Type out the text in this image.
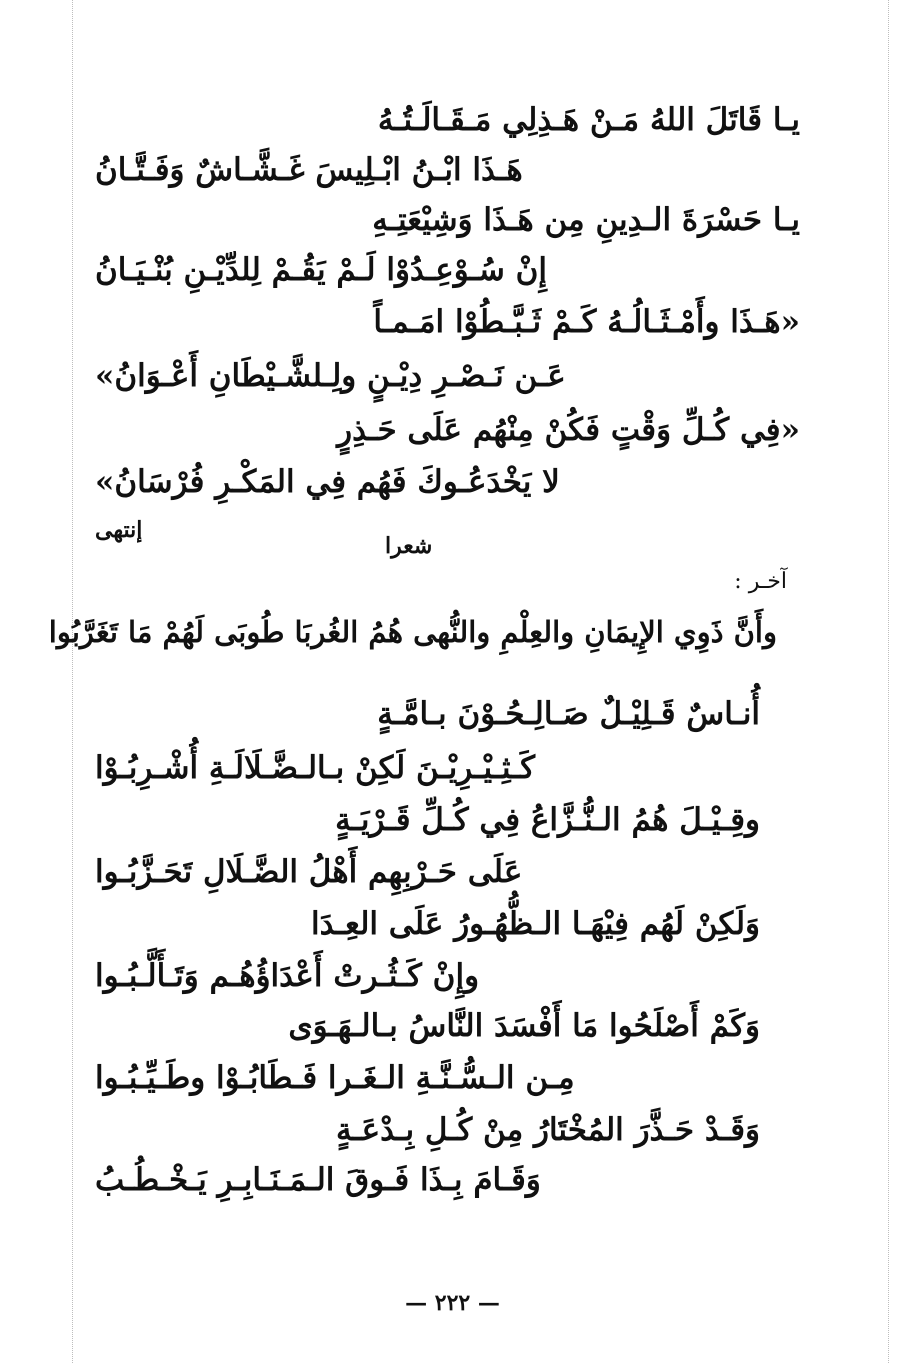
يـا قَاتَلَ اللهُ مَـنْ هَـذِلِي مَـقَـالَـتُـهُ
هَـذَا ابْـنُ ابْـلِيسَ غَـشَّـاشٌ وَفَـتَّـانُ
يـا حَسْرَةَ الـدِينِ مِن هَـذَا وَشِيْعَتِـهِ
إِنْ سُـوْعِـدُوْا لَـمْ يَقُـمْ لِلدِّيْـنِ بُنْـيَـانُ
«هَـذَا وأَمْـثَـالُـهُ كَـمْ ثَـبَّـطُوْا امَـمـاً
عَـن نَـصْـرِ دِيْـنٍ ولِـلشَّـيْطَانِ أَعْـوَانُ»
«فِي كُـلِّ وَقْتٍ فَكُنْ مِنْهُم عَلَى حَـذِرٍ
لا يَخْدَعُـوكَ فَهُم فِي المَكْـرِ فُرْسَانُ»
إنتهى
شعرا
آخـر :
وأَنَّ ذَوِي الإِيمَانِ والعِلْمِ والنُّهى هُمُ الغُربَا طُوبَى لَهُمْ مَا تَغَرَّبُوا
أُنـاسٌ قَـلِيْـلٌ صَـالِـحُـوْنَ بـامَّـةٍ
كَـثِـيْـرِيْـنَ لَكِنْ بـالـضَّـلَالَـةِ أُشْـرِبُـوْا
وقِـيْـلَ هُمُ الـنُّـزَّاعُ فِي كُـلِّ قَـرْيَـةٍ
عَلَى حَـرْبِهِم أَهْلُ الضَّـلَالِ تَحَـزَّبُـوا
وَلَكِنْ لَهُم فِيْهَـا الـظُّهُـورُ عَلَى العِـدَا
وإِنْ كَـثُـرتْ أَعْدَاؤُهُـم وَتَـأَلَّـبُـوا
وَكَمْ أَصْلَحُوا مَا أَفْسَدَ النَّاسُ بـالـهَـوَى
مِـن الـسُّـنَّـةِ الـغَـرا فَـطَابُـوْا وطَـيِّـبُـوا
وَقَـدْ حَـذَّرَ المُخْتَارُ مِنْ كُـلِ بِـدْعَـةٍ
وَقَـامَ بِـذَا فَـوقَ الـمَـنَـابِـرِ يَـخْـطُـبُ
— ٢٢٢ —
